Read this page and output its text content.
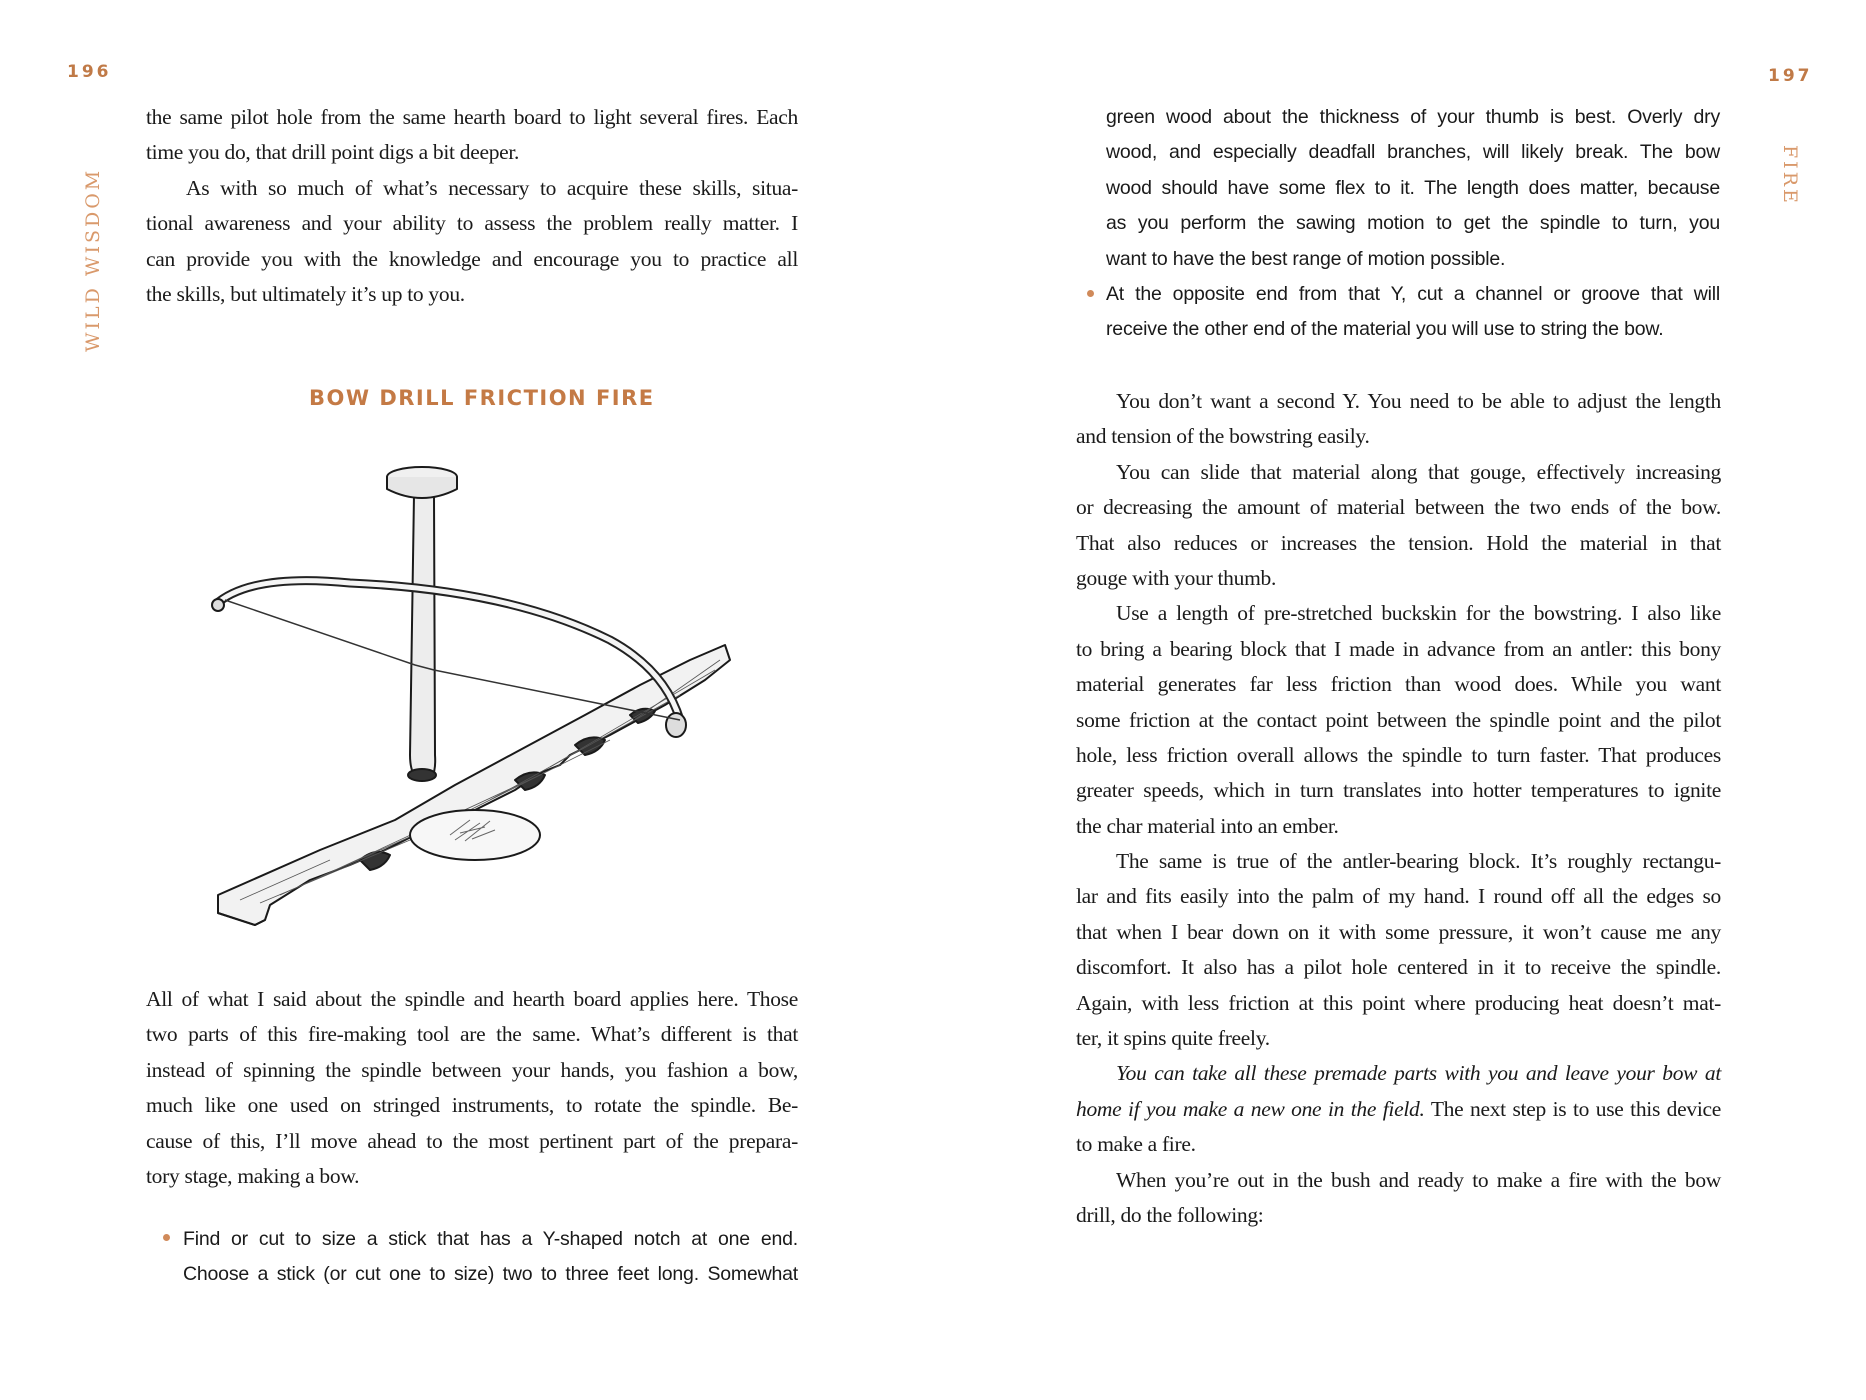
196
WILD WISDOM
the same pilot hole from the same hearth board to light several fires. Each
time you do, that drill point digs a bit deeper.
As with so much of what’s necessary to acquire these skills, situa-
tional awareness and your ability to assess the problem really matter. I
can provide you with the knowledge and encourage you to practice all
the skills, but ultimately it’s up to you.
BOW DRILL FRICTION FIRE
All of what I said about the spindle and hearth board applies here. Those
two parts of this fire-making tool are the same. What’s different is that
instead of spinning the spindle between your hands, you fashion a bow,
much like one used on stringed instruments, to rotate the spindle. Be-
cause of this, I’ll move ahead to the most pertinent part of the prepara-
tory stage, making a bow.
Find or cut to size a stick that has a Y-shaped notch at one end.
Choose a stick (or cut one to size) two to three feet long. Somewhat
197
FIRE
green wood about the thickness of your thumb is best. Overly dry
wood, and especially deadfall branches, will likely break. The bow
wood should have some flex to it. The length does matter, because
as you perform the sawing motion to get the spindle to turn, you
want to have the best range of motion possible.
At the opposite end from that Y, cut a channel or groove that will
receive the other end of the material you will use to string the bow.
You don’t want a second Y. You need to be able to adjust the length
and tension of the bowstring easily.
You can slide that material along that gouge, effectively increasing
or decreasing the amount of material between the two ends of the bow.
That also reduces or increases the tension. Hold the material in that
gouge with your thumb.
Use a length of pre-stretched buckskin for the bowstring. I also like
to bring a bearing block that I made in advance from an antler: this bony
material generates far less friction than wood does. While you want
some friction at the contact point between the spindle point and the pilot
hole, less friction overall allows the spindle to turn faster. That produces
greater speeds, which in turn translates into hotter temperatures to ignite
the char material into an ember.
The same is true of the antler-bearing block. It’s roughly rectangu-
lar and fits easily into the palm of my hand. I round off all the edges so
that when I bear down on it with some pressure, it won’t cause me any
discomfort. It also has a pilot hole centered in it to receive the spindle.
Again, with less friction at this point where producing heat doesn’t mat-
ter, it spins quite freely.
You can take all these premade parts with you and leave your bow at
home if you make a new one in the field. The next step is to use this device
to make a fire.
When you’re out in the bush and ready to make a fire with the bow
drill, do the following:
